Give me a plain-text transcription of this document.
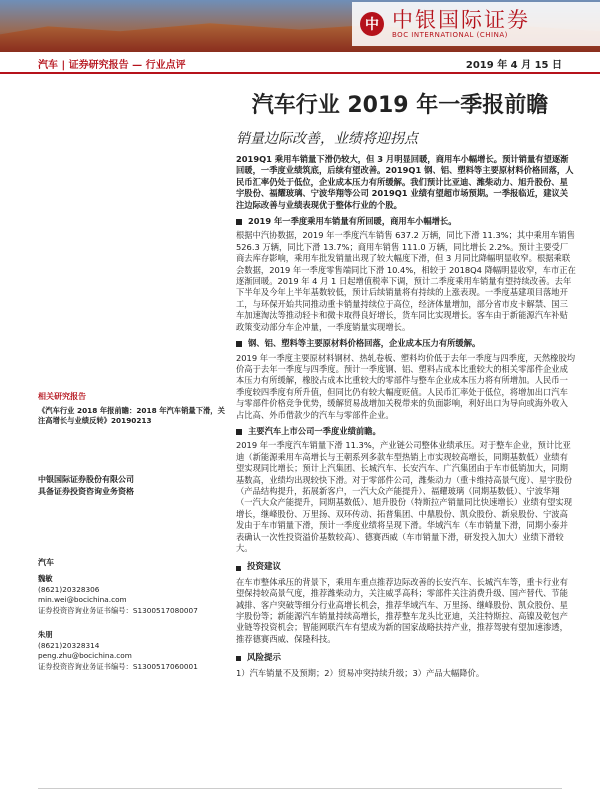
中 中银国际证券
BOC INTERNATIONAL (CHINA)
汽车 | 证券研究报告 — 行业点评	2019 年 4 月 15 日
汽车行业 2019 年一季报前瞻
销量边际改善，业绩将迎拐点

2019Q1 乘用车销量下滑仍较大，但 3 月明显回暖，商用车小幅增长。预计销量有望逐渐回暖，一季度业绩筑底，后续有望改善。2019Q1 钢、铝、塑料等主要原材料价格回落，人民币汇率仍处于低位，企业成本压力有所缓解。我们预计比亚迪、潍柴动力、旭升股份、星宇股份、福耀玻璃、宁波华翔等公司 2019Q1 业绩有望超市场预期。一季报临近，建议关注边际改善与业绩表现优于整体行业的个股。

2019 年一季度乘用车销量有所回暖，商用车小幅增长。

根据中汽协数据，2019 年一季度汽车销售 637.2 万辆，同比下滑 11.3%；其中乘用车销售 526.3 万辆，同比下滑 13.7%；商用车销售 111.0 万辆，同比增长 2.2%。预计主要受厂商去库存影响，乘用车批发销量出现了较大幅度下滑，但 3 月同比降幅明显收窄。根据乘联会数据，2019 年一季度零售端同比下滑 10.4%，相较于 2018Q4 降幅明显收窄，车市正在逐渐回暖。2019 年 4 月 1 日起增值税率下调，预计二季度乘用车销量有望持续改善。去年下半年及今年上半年基数较低，预计后续销量将有持续的上涨表现。一季度基建项目落地开工，与环保开始共同推动重卡销量持续位于高位，经济体量增加，部分省市皮卡解禁、国三车加速淘汰等推动轻卡和微卡取得良好增长，货车同比实现增长。客车由于新能源汽车补贴政策变动部分车企冲量，一季度销量实现增长。

钢、铝、塑料等主要原材料价格回落，企业成本压力有所缓解。

2019 年一季度主要原材料钢材、热轧卷板、塑料均价低于去年一季度与四季度，天然橡胶均价高于去年一季度与四季度。预计一季度钢、铝、塑料占成本比重较大的相关零部件企业成本压力有所缓解，橡胶占成本比重较大的零部件与整车企业成本压力将有所增加。人民币一季度较四季度有所升值，但同比仍有较大幅度贬值。人民币汇率处于低位，将增加出口汽车与零部件价格竞争优势，缓解贸易战增加关税带来的负面影响，利好出口为导向或海外收入占比高、外币借款少的汽车与零部件企业。

主要汽车上市公司一季度业绩前瞻。

2019 年一季度汽车销量下滑 11.3%，产业链公司整体业绩承压。对于整车企业，预计比亚迪（新能源乘用车高增长与王朝系列多款车型热销上市实现较高增长，同期基数低）业绩有望实现同比增长；预计上汽集团、长城汽车、长安汽车、广汽集团由于车市低销加大，同期基数高，业绩均出现较快下滑。对于零部件公司，潍柴动力（重卡维持高景气度）、星宇股份（产品结构提升，拓展新客户，一汽大众产能提升）、福耀玻璃（同期基数低）、宁波华翔（一汽大众产能提升，同期基数低）、旭升股份（特斯拉产销量同比快速增长）业绩有望实现增长，继峰股份、万里扬、双环传动、拓普集团、中鼎股份、凯众股份、新泉股份、宁波高发由于车市销量下滑，预计一季度业绩将呈现下滑。华域汽车（车市销量下滑，同期小泰并表确认一次性投资溢价基数较高）、德赛西威（车市销量下滑，研发投入加大）业绩下滑较大。

投资建议

在车市整体承压的背景下，乘用车重点推荐边际改善的长安汽车、长城汽车等，重卡行业有望保持较高景气度，推荐潍柴动力，关注威孚高科；零部件关注消费升级、国产替代、节能减排、客户突破等细分行业高增长机会，推荐华域汽车、万里扬、继峰股份、凯众股份、星宇股份等；新能源汽车销量持续高增长，推荐整车龙头比亚迪，关注特斯拉、高镍及乾包产业链等投资机会；智能网联汽车有望成为新的国家战略扶持产业，推荐驾驶有望加速渗透，推荐德赛西威、保隆科技。

风险提示

1）汽车销量不及预期；2）贸易冲突持续升级；3）产品大幅降价。

相关研究报告
《汽车行业 2018 年报前瞻：2018 年汽车销量下滑，关注高增长与业绩反转》20190213
中银国际证券股份有限公司
具备证券投资咨询业务资格
汽车
魏敏
(8621)20328306
min.wei@bocichina.com
证券投资咨询业务证书编号：S1300517080007
朱朋
(8621)20328314
peng.zhu@bocichina.com
证券投资咨询业务证书编号：S1300517060001
